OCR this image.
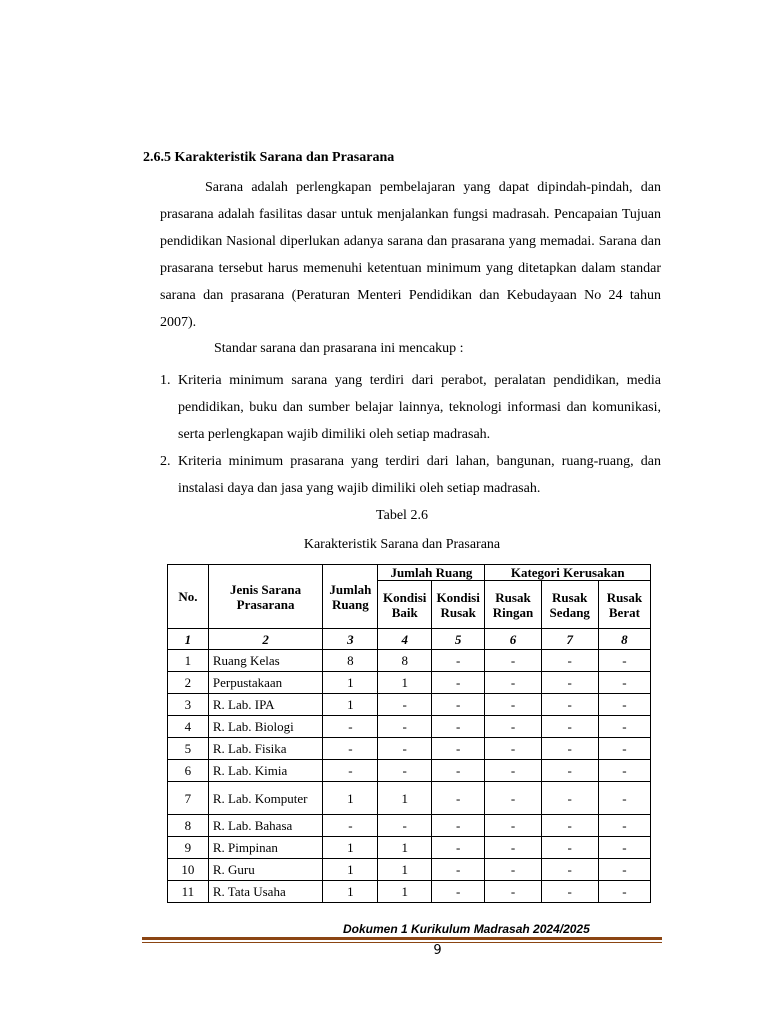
2.6.5 Karakteristik Sarana dan Prasarana

Sarana adalah perlengkapan pembelajaran yang dapat dipindah-pindah, dan prasarana adalah fasilitas dasar untuk menjalankan fungsi madrasah. Pencapaian Tujuan pendidikan Nasional diperlukan adanya sarana dan prasarana yang memadai. Sarana dan prasarana tersebut harus memenuhi ketentuan minimum yang ditetapkan dalam standar sarana dan prasarana (Peraturan Menteri Pendidikan dan Kebudayaan No 24 tahun 2007).

Standar sarana dan prasarana ini mencakup :
1. Kriteria minimum sarana yang terdiri dari perabot, peralatan pendidikan, media pendidikan, buku dan sumber belajar lainnya, teknologi informasi dan komunikasi, serta perlengkapan wajib dimiliki oleh setiap madrasah.
2. Kriteria minimum prasarana yang terdiri dari lahan, bangunan, ruang-ruang, dan instalasi daya dan jasa yang wajib dimiliki oleh setiap madrasah.
Tabel 2.6
Karakteristik Sarana dan Prasarana
No.	Jenis Sarana Prasarana	Jumlah Ruang	Jumlah Ruang		Kategori Kerusakan		
			Kondisi Baik	Kondisi Rusak	Rusak Ringan	Rusak Sedang	Rusak Berat
1	2	3	4	5	6	7	8
1	Ruang Kelas	8	8	-	-	-	-
2	Perpustakaan	1	1	-	-	-	-
3	R. Lab. IPA	1	-	-	-	-	-
4	R. Lab. Biologi	-	-	-	-	-	-
5	R. Lab. Fisika	-	-	-	-	-	-
6	R. Lab. Kimia	-	-	-	-	-	-
7	R. Lab. Komputer	1	1	-	-	-	-
8	R. Lab. Bahasa	-	-	-	-	-	-
9	R. Pimpinan	1	1	-	-	-	-
10	R. Guru	1	1	-	-	-	-
11	R. Tata Usaha	1	1	-	-	-	-
Dokumen 1 Kurikulum Madrasah 2024/2025
9
